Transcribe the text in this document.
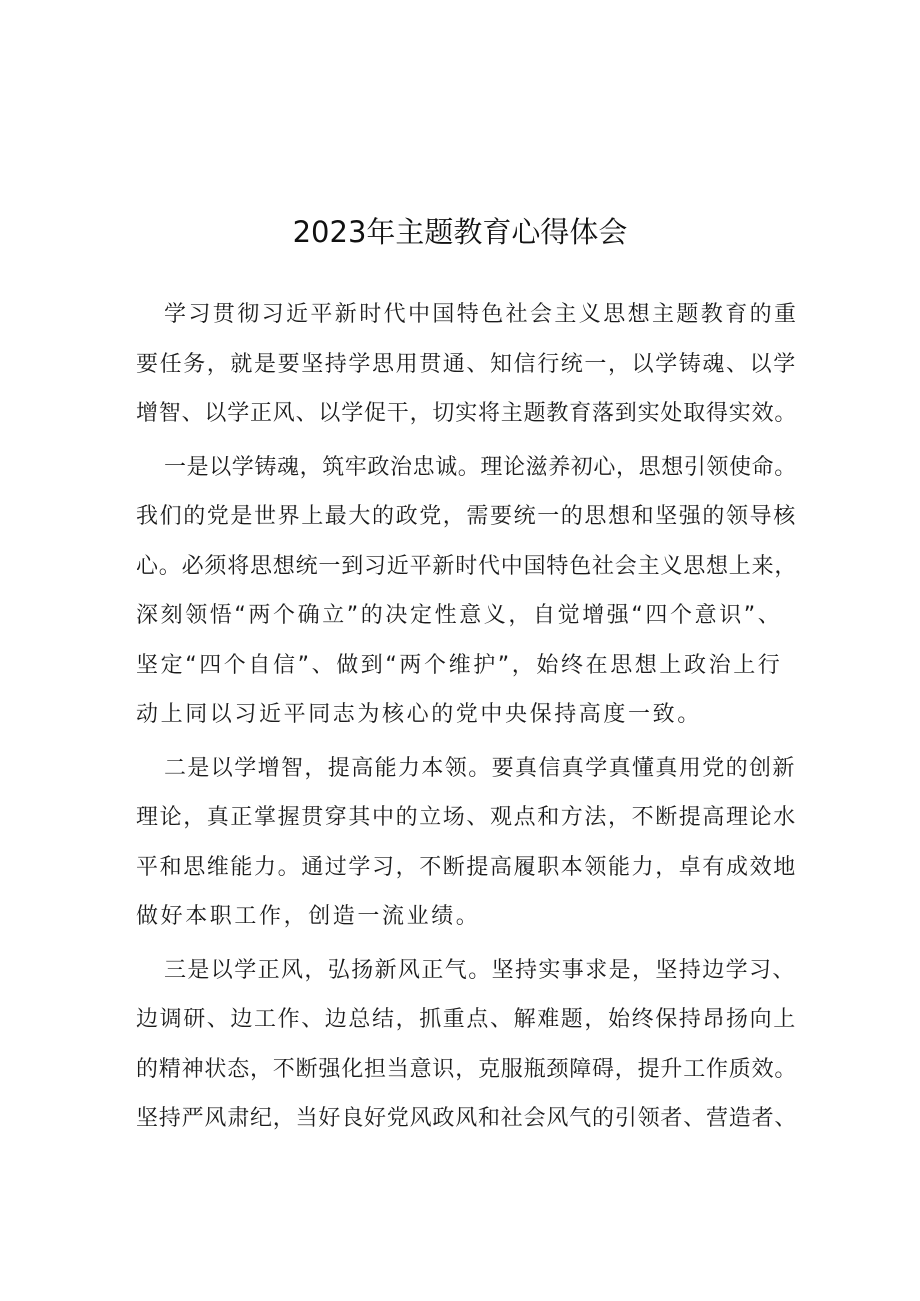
2023年主题教育心得体会
学习贯彻习近平新时代中国特色社会主义思想主题教育的重
要任务，就是要坚持学思用贯通、知信行统一，以学铸魂、以学
增智、以学正风、以学促干，切实将主题教育落到实处取得实效。
一是以学铸魂，筑牢政治忠诚。理论滋养初心，思想引领使命。
我们的党是世界上最大的政党，需要统一的思想和坚强的领导核
心。必须将思想统一到习近平新时代中国特色社会主义思想上来，
深刻领悟“两个确立”的决定性意义，自觉增强“四个意识”、
坚定“四个自信”、做到“两个维护”，始终在思想上政治上行
动上同以习近平同志为核心的党中央保持高度一致。
二是以学增智，提高能力本领。要真信真学真懂真用党的创新
理论，真正掌握贯穿其中的立场、观点和方法，不断提高理论水
平和思维能力。通过学习，不断提高履职本领能力，卓有成效地
做好本职工作，创造一流业绩。
三是以学正风，弘扬新风正气。坚持实事求是，坚持边学习、
边调研、边工作、边总结，抓重点、解难题，始终保持昂扬向上
的精神状态，不断强化担当意识，克服瓶颈障碍，提升工作质效。
坚持严风肃纪，当好良好党风政风和社会风气的引领者、营造者、
